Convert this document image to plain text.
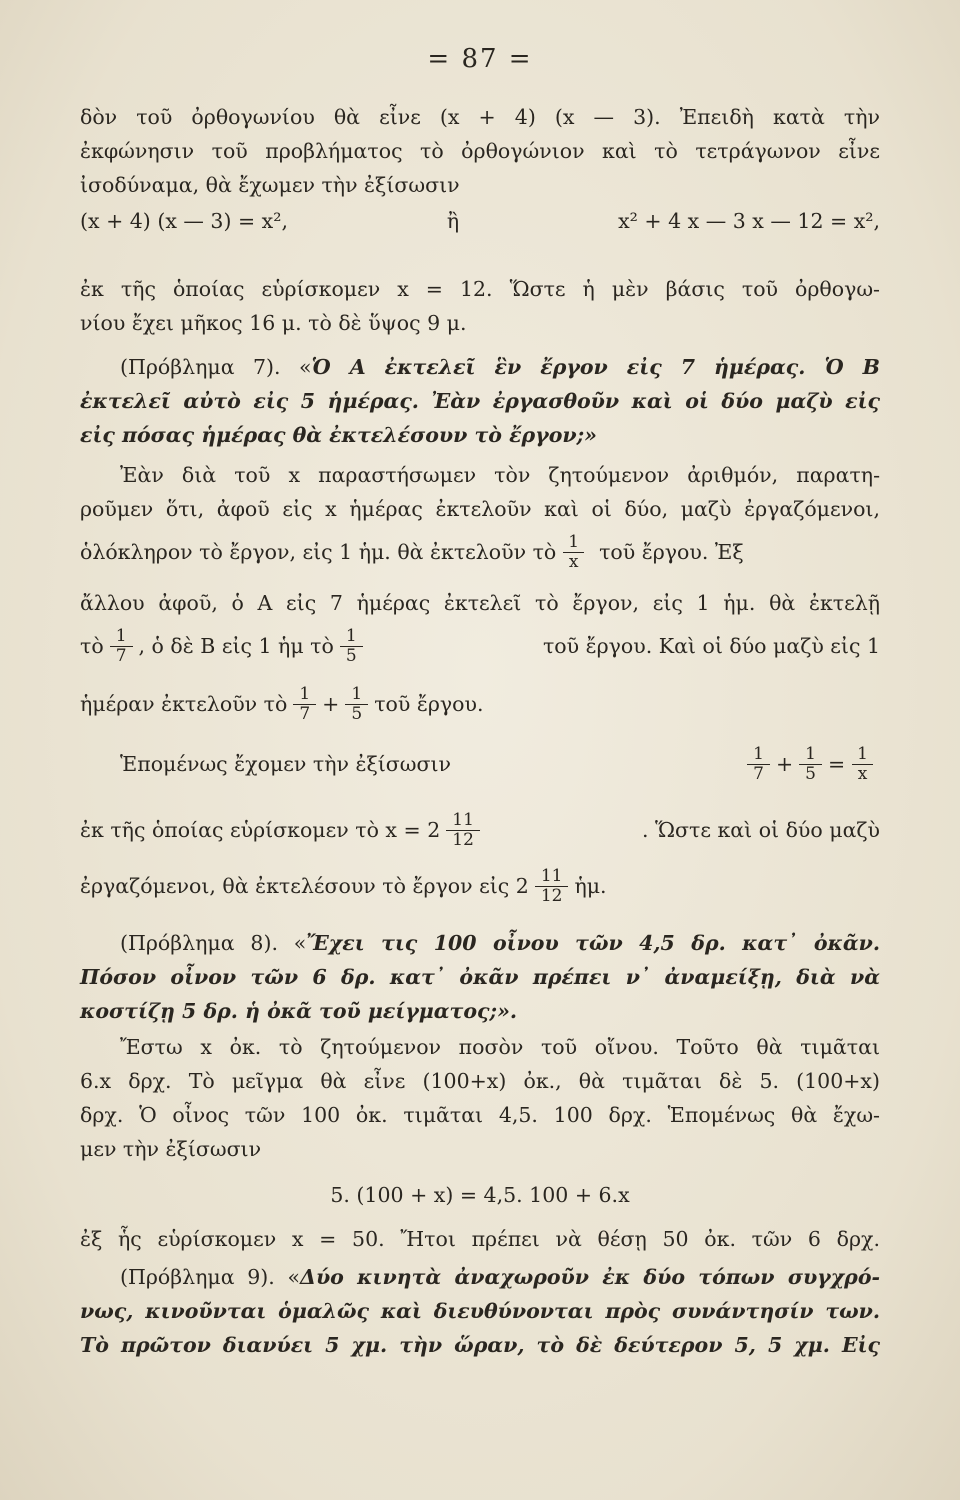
= 87 =
δὸν τοῦ ὀρθογωνίου θὰ εἶνε (x + 4) (x — 3). Ἐπειδὴ κατὰ τὴν
ἐκφώνησιν τοῦ προβλήματος τὸ ὀρθογώνιον καὶ τὸ τετράγωνον εἶνε
ἰσοδύναμα, θὰ ἔχωμεν τὴν ἐξίσωσιν
(x + 4) (x — 3) = x²,	ἢ	x² + 4 x — 3 x — 12 = x²,
ἐκ τῆς ὁποίας εὑρίσκομεν x = 12. Ὥστε ἡ μὲν βάσις τοῦ ὀρθογω-
νίου ἔχει μῆκος 16 μ. τὸ δὲ ὕψος 9 μ.
(Πρόβλημα 7). «Ὁ Α ἐκτελεῖ ἓν ἔργον εἰς 7 ἡμέρας. Ὁ Β
ἐκτελεῖ αὐτὸ εἰς 5 ἡμέρας. Ἐὰν ἐργασθοῦν καὶ οἱ δύο μαζὺ εἰς
εἰς πόσας ἡμέρας θὰ ἐκτελέσουν τὸ ἔργον;»
Ἐὰν διὰ τοῦ x παραστήσωμεν τὸν ζητούμενον ἀριθμόν, παρατη-
ροῦμεν ὅτι, ἀφοῦ εἰς x ἡμέρας ἐκτελοῦν καὶ οἱ δύο, μαζὺ ἐργαζόμενοι,
ὁλόκληρον τὸ ἔργον, εἰς 1 ἡμ. θὰ ἐκτελοῦν τὸ $\frac{1}{x}$ τοῦ ἔργου. Ἐξ
ἄλλου ἀφοῦ, ὁ Α εἰς 7 ἡμέρας ἐκτελεῖ τὸ ἔργον, εἰς 1 ἡμ. θὰ ἐκτελῇ
τὸ $\frac{1}{7}$ , ὁ δὲ Β εἰς 1 ἡμ τὸ $\frac{1}{5}$	τοῦ ἔργου. Καὶ οἱ δύο μαζὺ εἰς 1
ἡμέραν ἐκτελοῦν τὸ $\frac{1}{7} + \frac{1}{5}$ τοῦ ἔργου.
Ἑπομένως ἔχομεν τὴν ἐξίσωσιν	$\frac{1}{7} + \frac{1}{5} = \frac{1}{x}$
ἐκ τῆς ὁποίας εὑρίσκομεν τὸ $x = 2 \frac{11}{12}$	. Ὥστε καὶ οἱ δύο μαζὺ
ἐργαζόμενοι, θὰ ἐκτελέσουν τὸ ἔργον εἰς $2 \frac{11}{12}$ ἡμ.
(Πρόβλημα 8). «Ἔχει τις 100 οἶνου τῶν 4,5 δρ. κατ᾽ ὀκᾶν.
Πόσον οἶνον τῶν 6 δρ. κατ᾽ ὀκᾶν πρέπει ν᾽ ἀναμείξῃ, διὰ νὰ
κοστίζῃ 5 δρ. ἡ ὀκᾶ τοῦ μείγματος;».
Ἔστω x ὀκ. τὸ ζητούμενον ποσὸν τοῦ οἴνου. Τοῦτο θὰ τιμᾶται
6.x δρχ. Τὸ μεῖγμα θὰ εἶνε (100+x) ὀκ., θὰ τιμᾶται δὲ 5. (100+x)
δρχ. Ὁ οἶνος τῶν 100 ὀκ. τιμᾶται 4,5. 100 δρχ. Ἑπομένως θὰ ἔχω-
μεν τὴν ἐξίσωσιν
5. (100 + x) = 4,5. 100 + 6.x
ἐξ ἧς εὑρίσκομεν x = 50. Ἤτοι πρέπει νὰ θέσῃ 50 ὀκ. τῶν 6 δρχ.
(Πρόβλημα 9). «Δύο κινητὰ ἀναχωροῦν ἐκ δύο τόπων συγχρό-
νως, κινοῦνται ὁμαλῶς καὶ διευθύνονται πρὸς συνάντησίν των.
Τὸ πρῶτον διανύει 5 χμ. τὴν ὥραν, τὸ δὲ δεύτερον 5, 5 χμ. Εἰς
